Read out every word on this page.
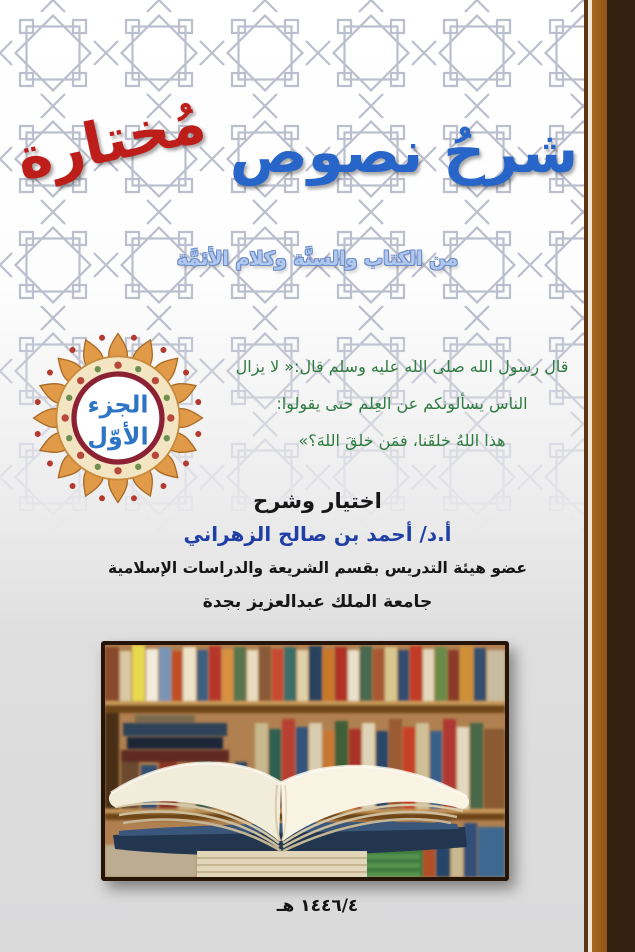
شرحُ نصوص مُختارة
من الكتاب والسنَّة وكلام الأئمَّة
الجزء
الأوّل
قال رسول الله صلى الله عليه وسلم قال:« لا يزال
الناس يسألونكم عن العِلم حتى يقولوا:
هذا اللهُ خلقَنا، فمَن خلقَ اللهَ؟»
اختيار وشرح
أ.د/ أحمد بن صالح الزهراني
عضو هيئة التدريس بقسم الشريعة والدراسات الإسلامية
جامعة الملك عبدالعزيز بجدة
١٤٤٦/٤ هـ
